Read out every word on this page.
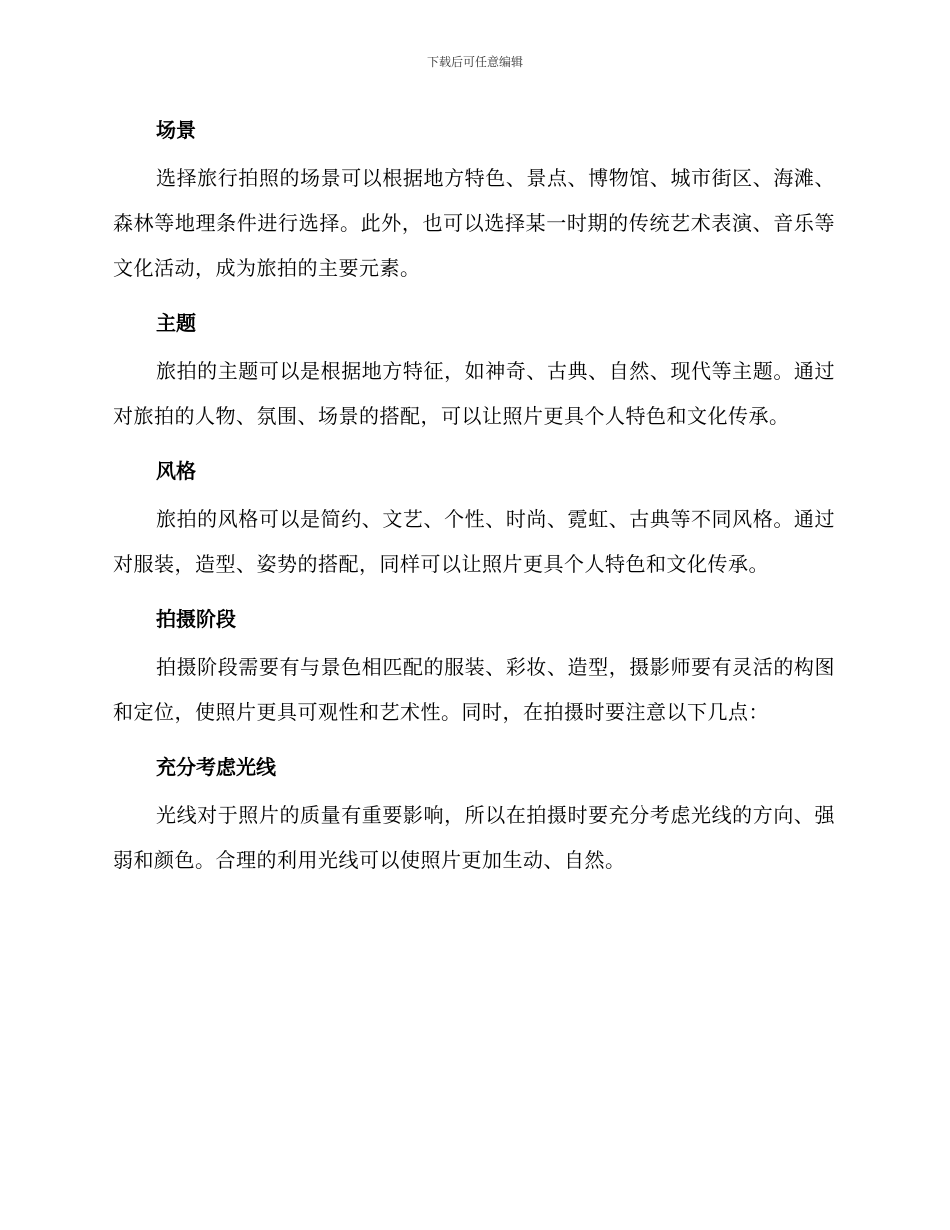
下载后可任意编辑
场景

选择旅行拍照的场景可以根据地方特色、景点、博物馆、城市街区、海滩、森林等地理条件进行选择。此外，也可以选择某一时期的传统艺术表演、音乐等文化活动，成为旅拍的主要元素。

主题

旅拍的主题可以是根据地方特征，如神奇、古典、自然、现代等主题。通过对旅拍的人物、氛围、场景的搭配，可以让照片更具个人特色和文化传承。

风格

旅拍的风格可以是简约、文艺、个性、时尚、霓虹、古典等不同风格。通过对服装，造型、姿势的搭配，同样可以让照片更具个人特色和文化传承。

拍摄阶段

拍摄阶段需要有与景色相匹配的服装、彩妆、造型，摄影师要有灵活的构图和定位，使照片更具可观性和艺术性。同时，在拍摄时要注意以下几点：

充分考虑光线

光线对于照片的质量有重要影响，所以在拍摄时要充分考虑光线的方向、强弱和颜色。合理的利用光线可以使照片更加生动、自然。
